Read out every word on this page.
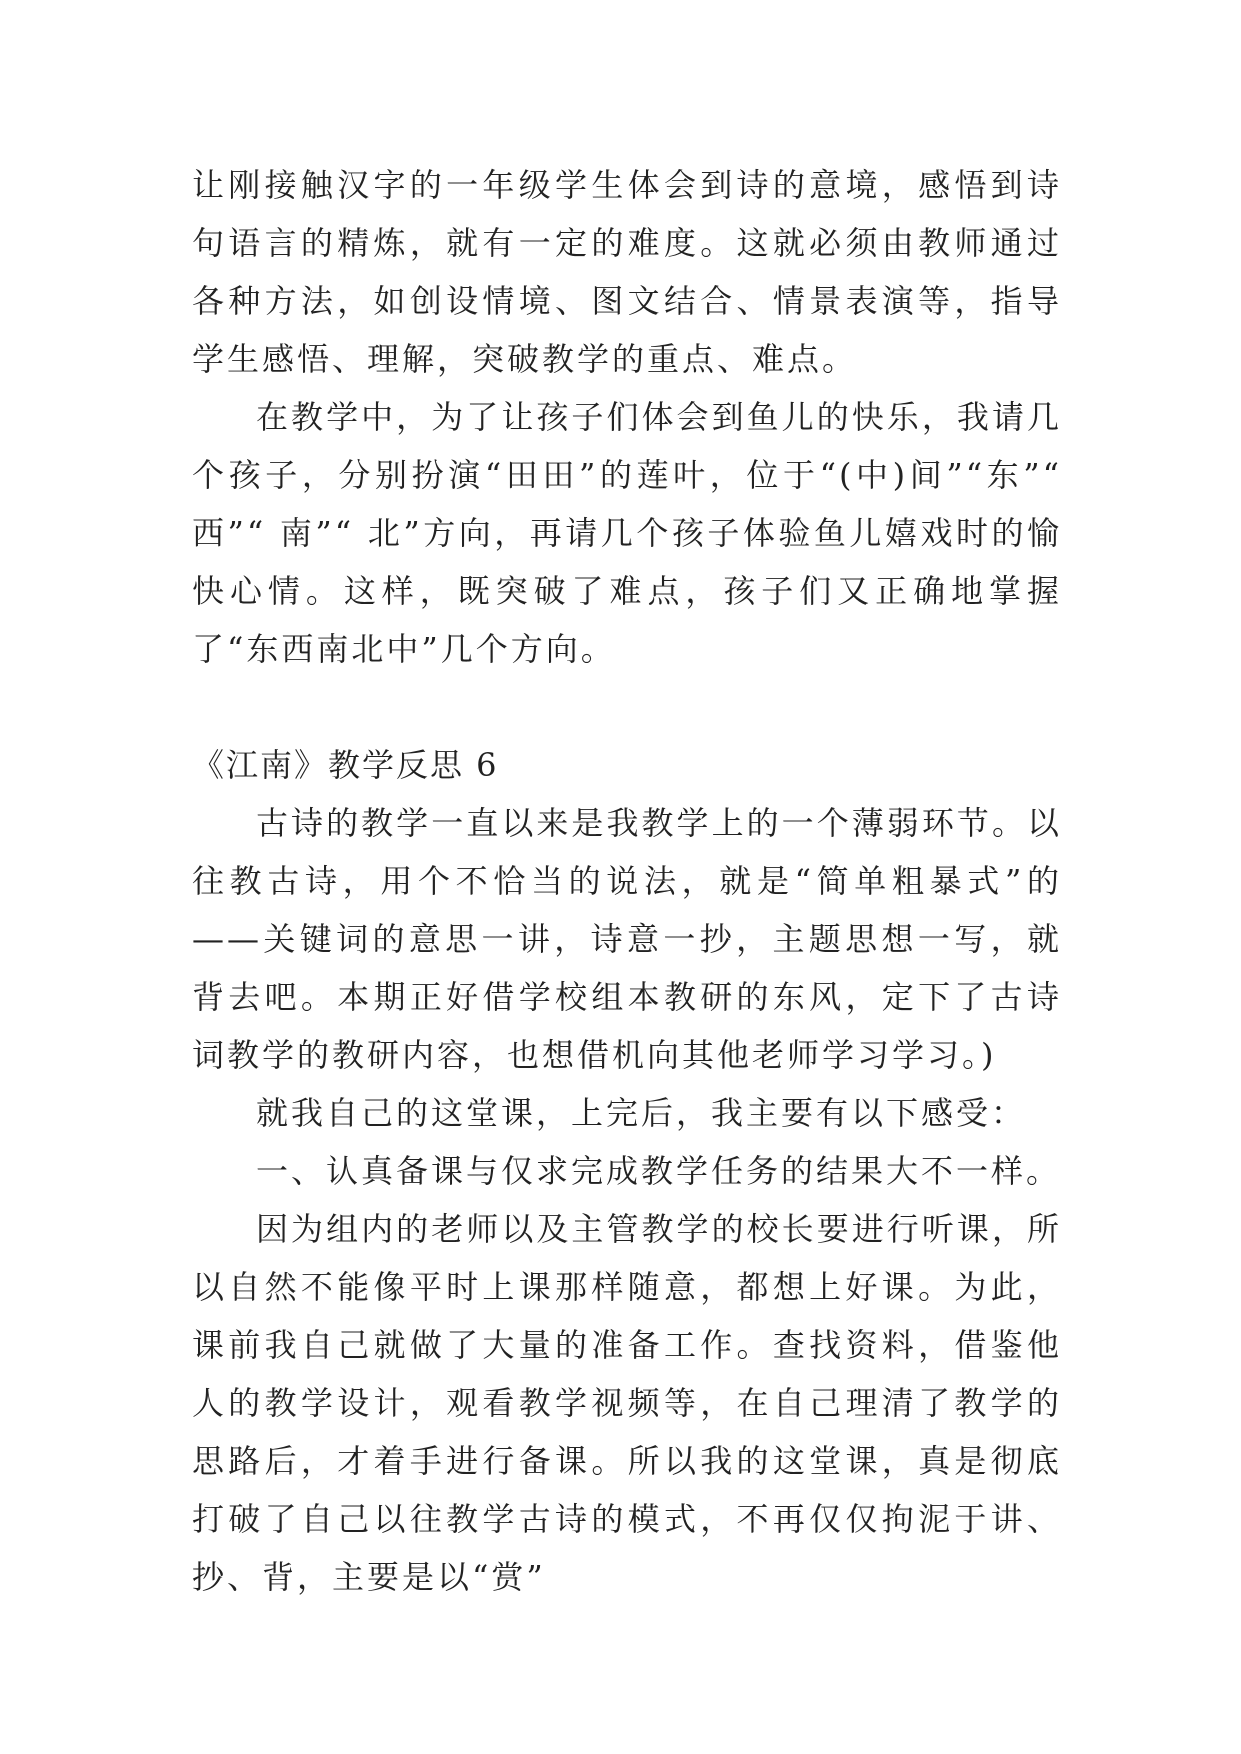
让刚接触汉字的一年级学生体会到诗的意境，感悟到诗句语言的精炼，就有一定的难度。这就必须由教师通过各种方法，如创设情境、图文结合、情景表演等，指导学生感悟、理解，突破教学的重点、难点。

在教学中，为了让孩子们体会到鱼儿的快乐，我请几个孩子，分别扮演“田田”的莲叶，位于“(中)间”“东”“ 西”“ 南”“ 北”方向，再请几个孩子体验鱼儿嬉戏时的愉快心情。这样，既突破了难点，孩子们又正确地掌握了“东西南北中”几个方向。

《江南》教学反思 6

古诗的教学一直以来是我教学上的一个薄弱环节。以往教古诗，用个不恰当的说法，就是“简单粗暴式”的——关键词的意思一讲，诗意一抄，主题思想一写，就背去吧。本期正好借学校组本教研的东风，定下了古诗词教学的教研内容，也想借机向其他老师学习学习。)

就我自己的这堂课，上完后，我主要有以下感受：

一、认真备课与仅求完成教学任务的结果大不一样。

因为组内的老师以及主管教学的校长要进行听课，所以自然不能像平时上课那样随意，都想上好课。为此，课前我自己就做了大量的准备工作。查找资料，借鉴他人的教学设计，观看教学视频等，在自己理清了教学的思路后，才着手进行备课。所以我的这堂课，真是彻底打破了自己以往教学古诗的模式，不再仅仅拘泥于讲、抄、背，主要是以“赏”
